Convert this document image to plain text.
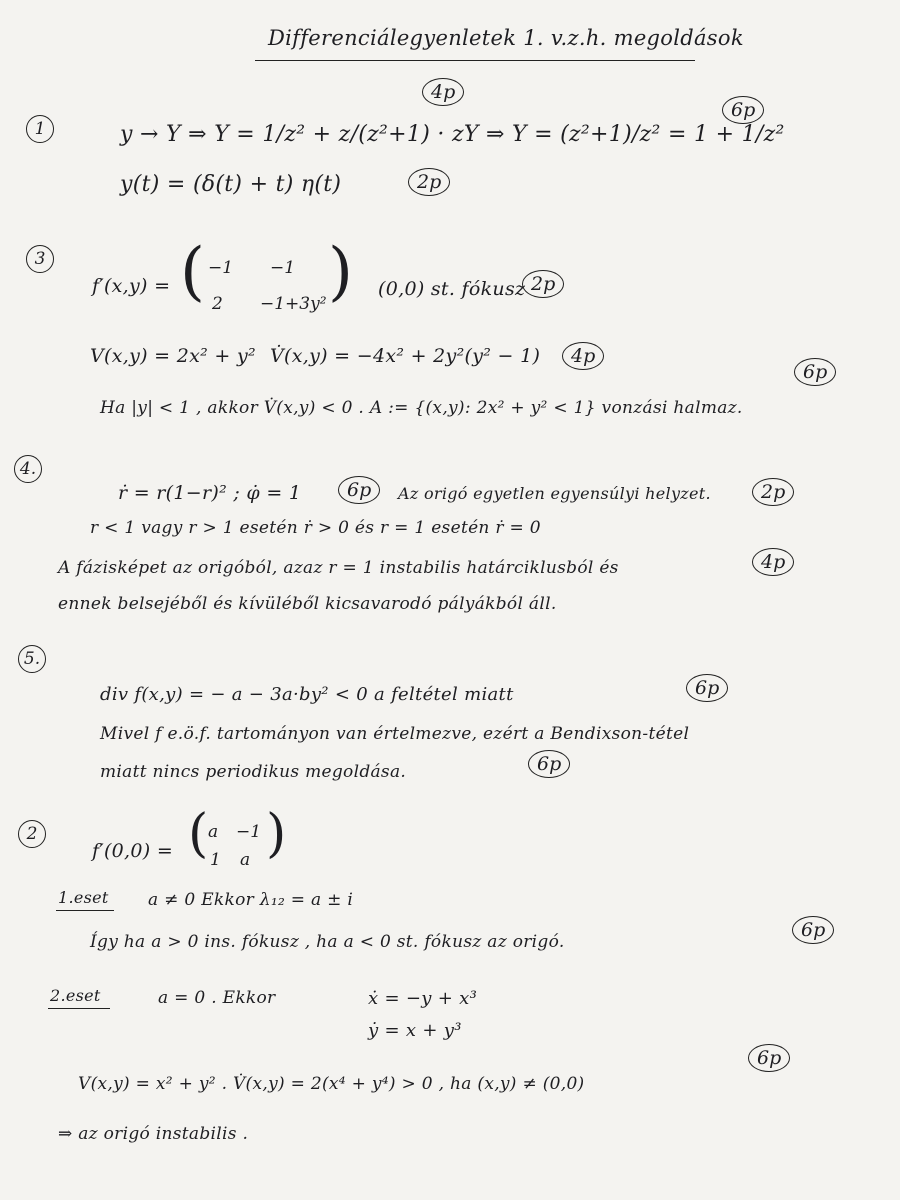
Differenciálegyenletek 1. v.z.h. megoldások
4p
1	y → Y ⇒ Y = 1/z² + z/(z²+1) · zY ⇒ Y = (z²+1)/z² = 1 + 1/z²
6p
y(t) = (δ(t) + t) η(t)	2p
3
f′(x,y) = ( −1 −1
2 −1+3y² ) (0,0) st. fókusz 2p
V(x,y) = 2x² + y² V̇(x,y) = −4x² + 2y²(y² − 1)	4p
6p
Ha |y| < 1 , akkor V̇(x,y) < 0 . A := {(x,y): 2x² + y² < 1} vonzási halmaz.
4.
ṙ = r(1−r)² ; φ̇ = 1	6p	Az origó egyetlen egyensúlyi helyzet.	2p
r < 1 vagy r > 1 esetén ṙ > 0 és r = 1 esetén ṙ = 0
A fázisképet az origóból, azaz r = 1 instabilis határciklusból és	4p
ennek belsejéből és kívüléből kicsavarodó pályákból áll.
5.
div f(x,y) = − a − 3a·by² < 0 a feltétel miatt	6p
Mivel f e.ö.f. tartományon van értelmezve, ezért a Bendixson-tétel
miatt nincs periodikus megoldása.	6p
2
f′(0,0) = ( a −1
1 a )
1.eset a ≠ 0 Ekkor λ₁₂ = a ± i
Így ha a > 0 ins. fókusz , ha a < 0 st. fókusz az origó.
6p
2.eset	a = 0 . Ekkor	ẋ = −y + x³
ẏ = x + y³
6p
V(x,y) = x² + y² . V̇(x,y) = 2(x⁴ + y⁴) > 0 , ha (x,y) ≠ (0,0)
⇒ az origó instabilis .
